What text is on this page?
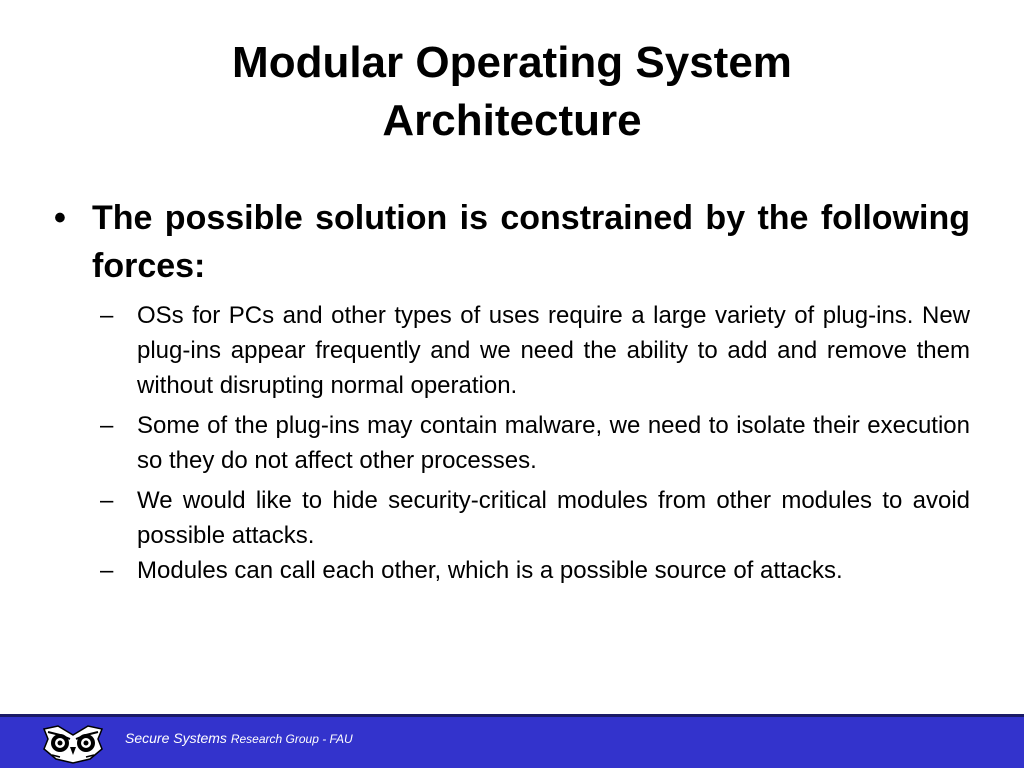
Modular Operating System
Architecture

• The possible solution is constrained by the following forces:

– OSs for PCs and other types of uses require a large variety of plug-ins. New plug-ins appear frequently and we need the ability to add and remove them without disrupting normal operation.
– Some of the plug-ins may contain malware, we need to isolate their execution so they do not affect other processes.
– We would like to hide security-critical modules from other modules to avoid possible attacks.
– Modules can call each other, which is a possible source of attacks.
Secure Systems Research Group - FAU
